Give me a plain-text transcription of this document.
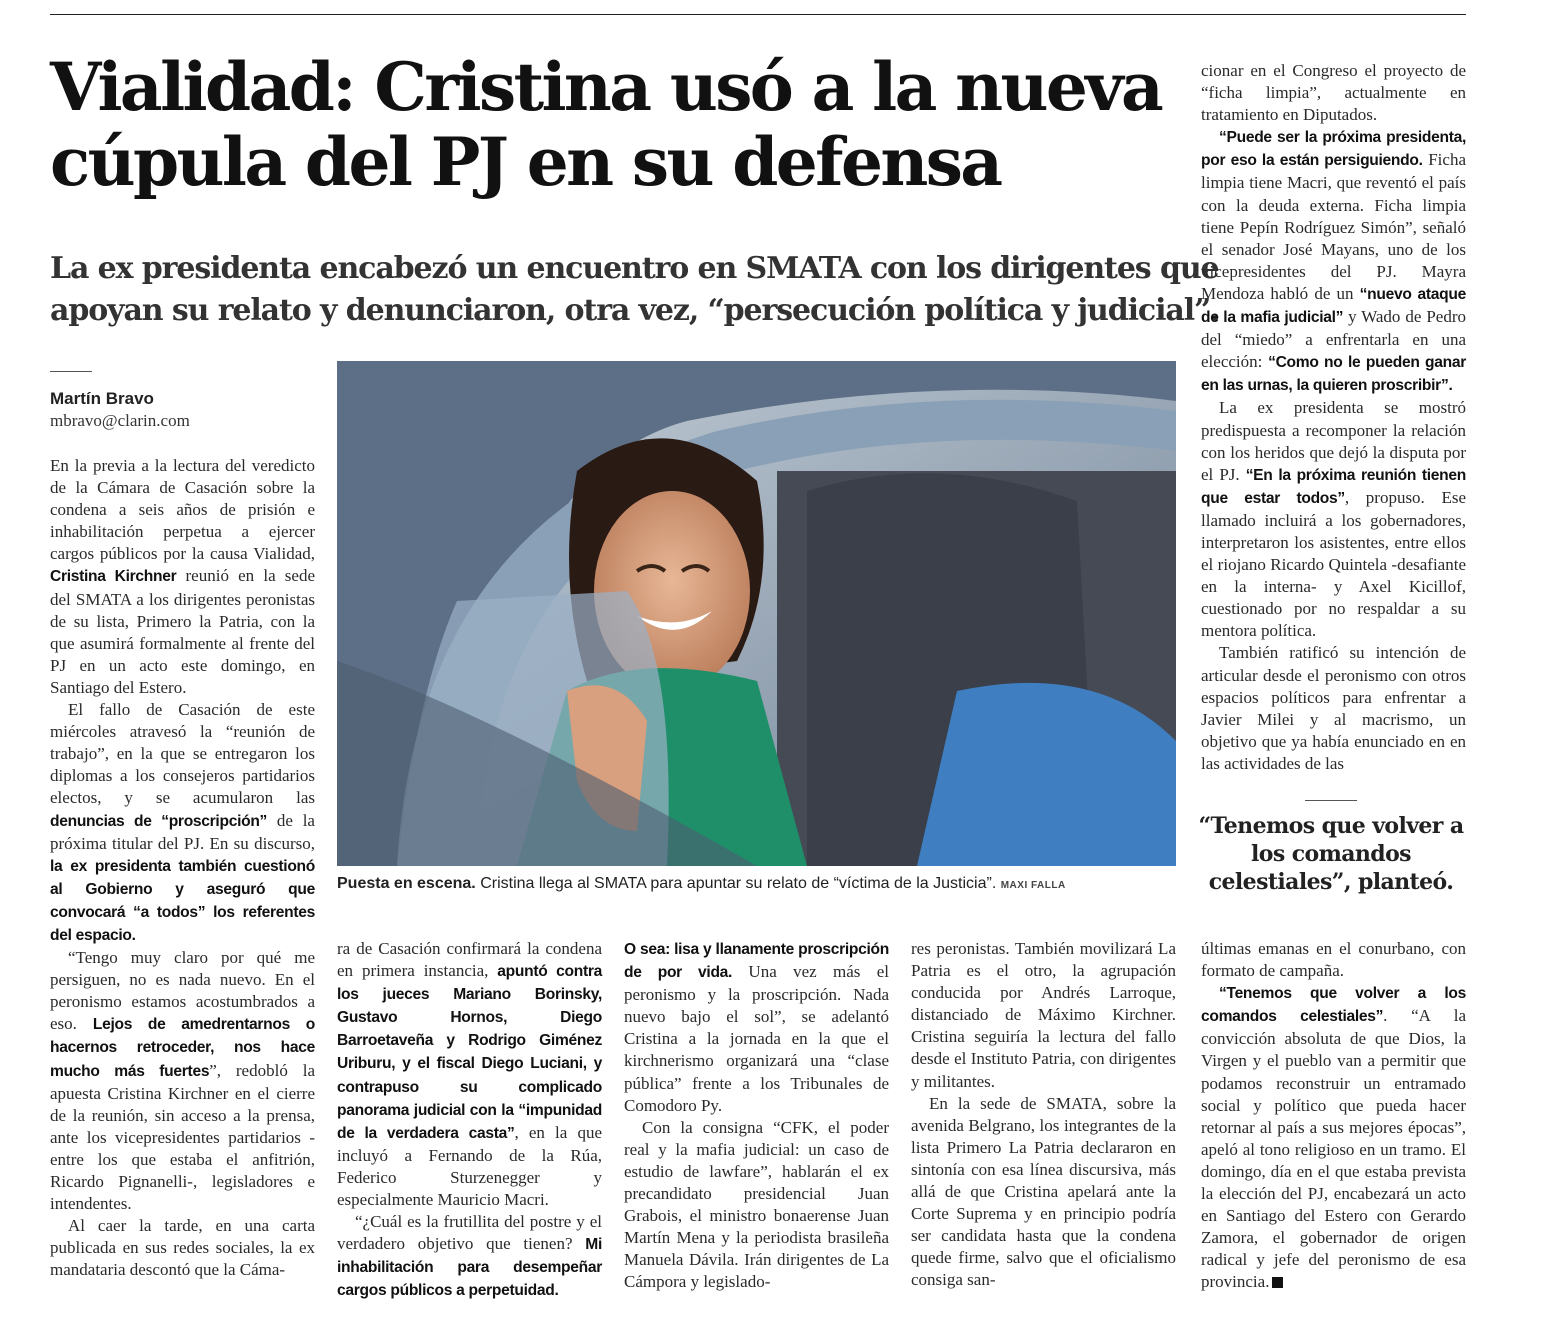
Vialidad: Cristina usó a la nueva
cúpula del PJ en su defensa
La ex presidenta encabezó un encuentro en SMATA con los dirigentes que
apoyan su relato y denunciaron, otra vez, “persecución política y judicial”.
Martín Bravo
mbravo@clarin.com

En la previa a la lectura del veredicto de la Cámara de Casación sobre la condena a seis años de prisión e inhabilitación perpetua a ejercer cargos públicos por la causa Vialidad, Cristina Kirchner reunió en la sede del SMATA a los dirigentes peronistas de su lista, Primero la Patria, con la que asumirá formalmente al frente del PJ en un acto este domingo, en Santiago del Estero.

El fallo de Casación de este miércoles atravesó la “reunión de trabajo”, en la que se entregaron los diplomas a los consejeros partidarios electos, y se acumularon las denuncias de “proscripción” de la próxima titular del PJ. En su discurso, la ex presidenta también cuestionó al Gobierno y aseguró que convocará “a todos” los referentes del espacio.

“Tengo muy claro por qué me persiguen, no es nada nuevo. En el peronismo estamos acostumbrados a eso. Lejos de amedrentarnos o hacernos retroceder, nos hace mucho más fuertes”, redobló la apuesta Cristina Kirchner en el cierre de la reunión, sin acceso a la prensa, ante los vicepresidentes partidarios -entre los que estaba el anfitrión, Ricardo Pignanelli-, legisladores e intendentes.

Al caer la tarde, en una carta publicada en sus redes sociales, la ex mandataria descontó que la Cáma-

Puesta en escena. Cristina llega al SMATA para apuntar su relato de “víctima de la Justicia”. MAXI FALLA

ra de Casación confirmará la condena en primera instancia, apuntó contra los jueces Mariano Borinsky, Gustavo Hornos, Diego Barroetaveña y Rodrigo Giménez Uriburu, y el fiscal Diego Luciani, y contrapuso su complicado panorama judicial con la “impunidad de la verdadera casta”, en la que incluyó a Fernando de la Rúa, Federico Sturzenegger y especialmente Mauricio Macri.

“¿Cuál es la frutillita del postre y el verdadero objetivo que tienen? Mi inhabilitación para desempeñar cargos públicos a perpetuidad.

O sea: lisa y llanamente proscripción de por vida. Una vez más el peronismo y la proscripción. Nada nuevo bajo el sol”, se adelantó Cristina a la jornada en la que el kirchnerismo organizará una “clase pública” frente a los Tribunales de Comodoro Py.

Con la consigna “CFK, el poder real y la mafia judicial: un caso de estudio de lawfare”, hablarán el ex precandidato presidencial Juan Grabois, el ministro bonaerense Juan Martín Mena y la periodista brasileña Manuela Dávila. Irán dirigentes de La Cámpora y legislado-

res peronistas. También movilizará La Patria es el otro, la agrupación conducida por Andrés Larroque, distanciado de Máximo Kirchner. Cristina seguiría la lectura del fallo desde el Instituto Patria, con dirigentes y militantes.

En la sede de SMATA, sobre la avenida Belgrano, los integrantes de la lista Primero La Patria declararon en sintonía con esa línea discursiva, más allá de que Cristina apelará ante la Corte Suprema y en principio podría ser candidata hasta que la condena quede firme, salvo que el oficialismo consiga san-

cionar en el Congreso el proyecto de “ficha limpia”, actualmente en tratamiento en Diputados.

“Puede ser la próxima presidenta, por eso la están persiguiendo. Ficha limpia tiene Macri, que reventó el país con la deuda externa. Ficha limpia tiene Pepín Rodríguez Simón”, señaló el senador José Mayans, uno de los vicepresidentes del PJ. Mayra Mendoza habló de un “nuevo ataque de la mafia judicial” y Wado de Pedro del “miedo” a enfrentarla en una elección: “Como no le pueden ganar en las urnas, la quieren proscribir”.

La ex presidenta se mostró predispuesta a recomponer la relación con los heridos que dejó la disputa por el PJ. “En la próxima reunión tienen que estar todos”, propuso. Ese llamado incluirá a los gobernadores, interpretaron los asistentes, entre ellos el riojano Ricardo Quintela -desafiante en la interna- y Axel Kicillof, cuestionado por no respaldar a su mentora política.

También ratificó su intención de articular desde el peronismo con otros espacios políticos para enfrentar a Javier Milei y al macrismo, un objetivo que ya había enunciado en en las actividades de las

“Tenemos que volver a los comandos celestiales”, planteó.

últimas emanas en el conurbano, con formato de campaña.

“Tenemos que volver a los comandos celestiales”. “A la convicción absoluta de que Dios, la Virgen y el pueblo van a permitir que podamos reconstruir un entramado social y político que pueda hacer retornar al país a sus mejores épocas”, apeló al tono religioso en un tramo. El domingo, día en el que estaba prevista la elección del PJ, encabezará un acto en Santiago del Estero con Gerardo Zamora, el gobernador de origen radical y jefe del peronismo de esa provincia.
